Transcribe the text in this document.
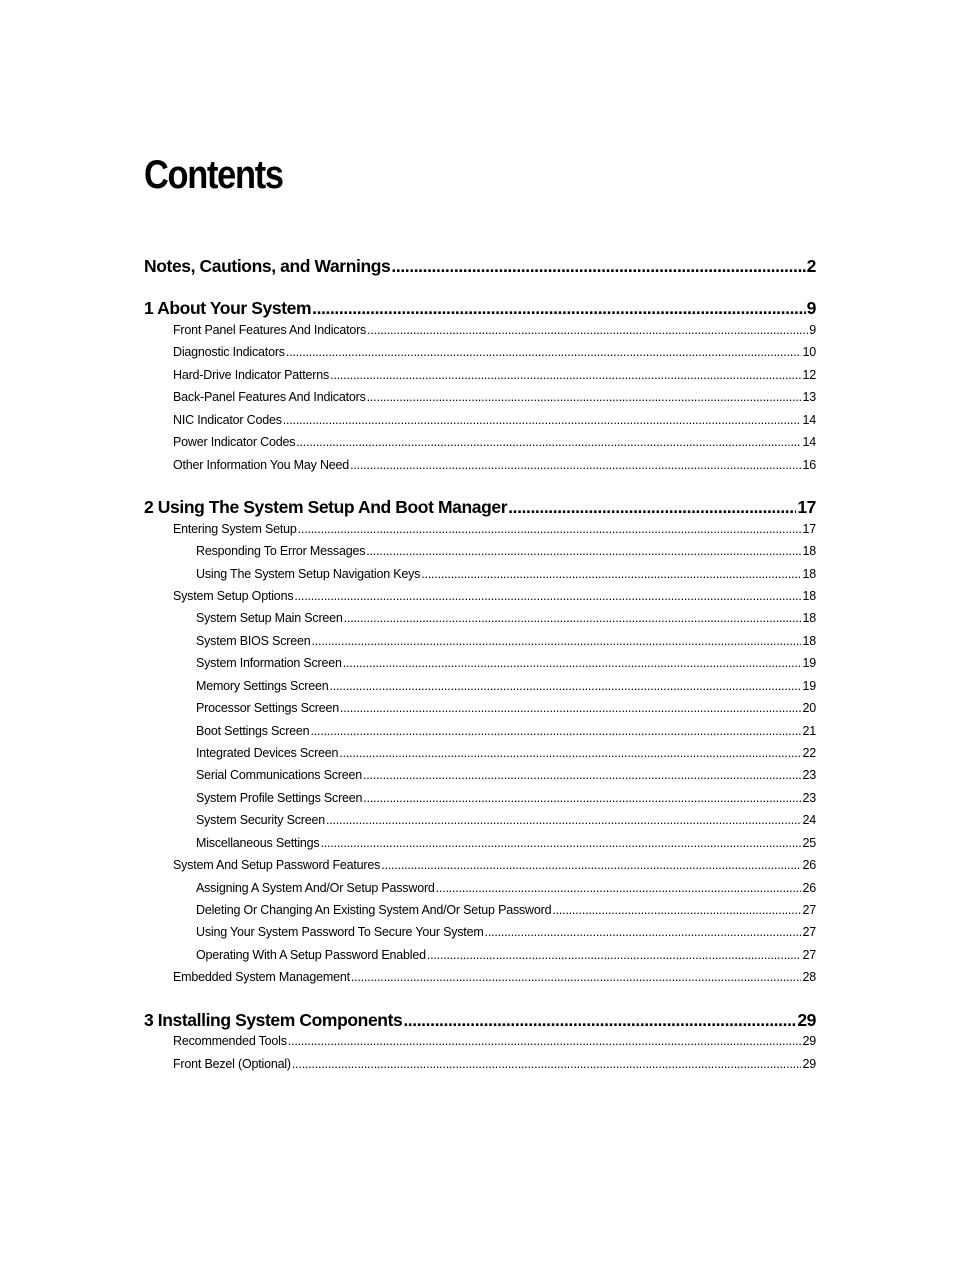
Contents
Notes, Cautions, and Warnings .....	2
1 About Your System .....	9
Front Panel Features And Indicators .....	9
Diagnostic Indicators .....	10
Hard-Drive Indicator Patterns .....	12
Back-Panel Features And Indicators .....	13
NIC Indicator Codes .....	14
Power Indicator Codes .....	14
Other Information You May Need .....	16
2 Using The System Setup And Boot Manager .....	17
Entering System Setup .....	17
Responding To Error Messages .....	18
Using The System Setup Navigation Keys .....	18
System Setup Options .....	18
System Setup Main Screen .....	18
System BIOS Screen .....	18
System Information Screen .....	19
Memory Settings Screen .....	19
Processor Settings Screen .....	20
Boot Settings Screen .....	21
Integrated Devices Screen .....	22
Serial Communications Screen .....	23
System Profile Settings Screen .....	23
System Security Screen .....	24
Miscellaneous Settings .....	25
System And Setup Password Features .....	26
Assigning A System And/Or Setup Password .....	26
Deleting Or Changing An Existing System And/Or Setup Password .....	27
Using Your System Password To Secure Your System .....	27
Operating With A Setup Password Enabled .....	27
Embedded System Management .....	28
3 Installing System Components .....	29
Recommended Tools .....	29
Front Bezel (Optional) .....	29
